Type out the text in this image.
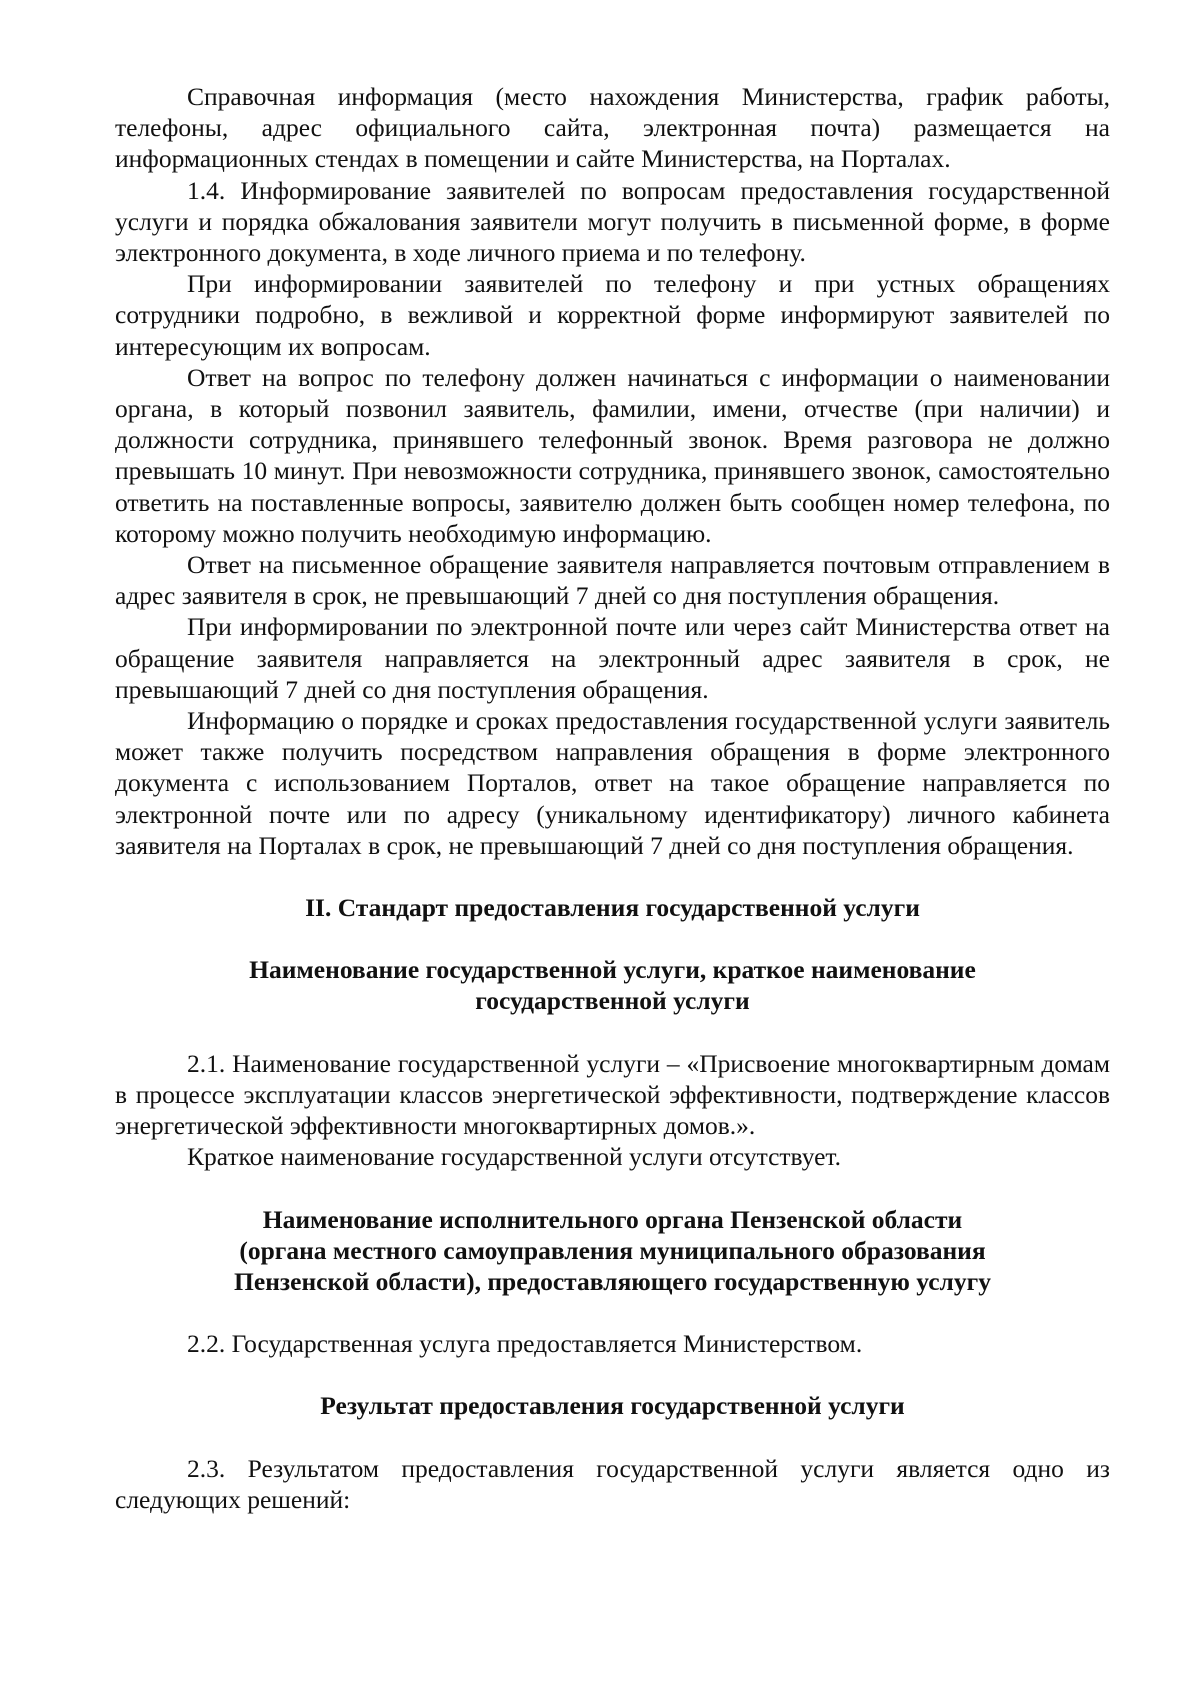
Справочная информация (место нахождения Министерства, график работы, телефоны, адрес официального сайта, электронная почта) размещается на информационных стендах в помещении и сайте Министерства, на Порталах.

1.4. Информирование заявителей по вопросам предоставления государственной услуги и порядка обжалования заявители могут получить в письменной форме, в форме электронного документа, в ходе личного приема и по телефону.

При информировании заявителей по телефону и при устных обращениях сотрудники подробно, в вежливой и корректной форме информируют заявителей по интересующим их вопросам.

Ответ на вопрос по телефону должен начинаться с информации о наименовании органа, в который позвонил заявитель, фамилии, имени, отчестве (при наличии) и должности сотрудника, принявшего телефонный звонок. Время разговора не должно превышать 10 минут. При невозможности сотрудника, принявшего звонок, самостоятельно ответить на поставленные вопросы, заявителю должен быть сообщен номер телефона, по которому можно получить необходимую информацию.

Ответ на письменное обращение заявителя направляется почтовым отправлением в адрес заявителя в срок, не превышающий 7 дней со дня поступления обращения.

При информировании по электронной почте или через сайт Министерства ответ на обращение заявителя направляется на электронный адрес заявителя в срок, не превышающий 7 дней со дня поступления обращения.

Информацию о порядке и сроках предоставления государственной услуги заявитель может также получить посредством направления обращения в форме электронного документа с использованием Порталов, ответ на такое обращение направляется по электронной почте или по адресу (уникальному идентификатору) личного кабинета заявителя на Порталах в срок, не превышающий 7 дней со дня поступления обращения.

II. Стандарт предоставления государственной услуги

Наименование государственной услуги, краткое наименование государственной услуги

2.1. Наименование государственной услуги – «Присвоение многоквартирным домам в процессе эксплуатации классов энергетической эффективности, подтверждение классов энергетической эффективности многоквартирных домов.».

Краткое наименование государственной услуги отсутствует.

Наименование исполнительного органа Пензенской области

(органа местного самоуправления муниципального образования

Пензенской области), предоставляющего государственную услугу

2.2. Государственная услуга предоставляется Министерством.

Результат предоставления государственной услуги

2.3. Результатом предоставления государственной услуги является одно из следующих решений:
